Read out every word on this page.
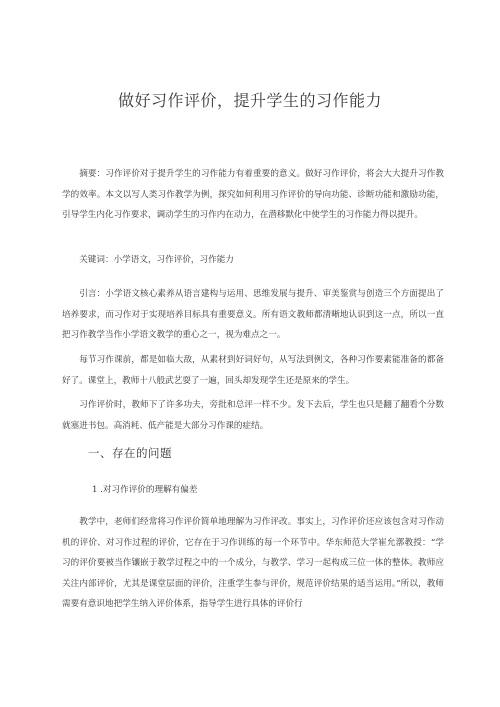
做好习作评价，提升学生的习作能力

摘要：习作评价对于提升学生的习作能力有着重要的意义。做好习作评价，将会大大提升习作教学的效率。本文以写人类习作教学为例，探究如何利用习作评价的导向功能、诊断功能和激励功能，引导学生内化习作要求，调动学生的习作内在动力，在潜移默化中使学生的习作能力得以提升。

关键词：小学语文，习作评价，习作能力

引言：小学语文核心素养从语言建构与运用、思维发展与提升、审美鉴赏与创造三个方面提出了培养要求，而习作对于实现培养目标具有重要意义。所有语文教师都清晰地认识到这一点，所以一直把习作教学当作小学语文教学的重心之一，视为难点之一。

每节习作课前，都是如临大敌，从素材到好词好句，从写法到例文，各种习作要素能准备的都备好了。课堂上，教师十八般武艺耍了一遍，回头却发现学生还是原来的学生。

习作评价时，教师下了许多功夫，旁批和总评一样不少。发下去后，学生也只是翻了翻看个分数就塞进书包。高消耗、低产能是大部分习作课的症结。

一、存在的问题
1 .对习作评价的理解有偏差

教学中，老师们经常将习作评价简单地理解为习作评改。事实上，习作评价还应该包含对习作动机的评价、对习作过程的评价，它存在于习作训练的每一个环节中。华东师范大学崔允漷教授：“学习的评价要被当作镶嵌于教学过程之中的一个成分，与教学、学习一起构成三位一体的整体。教师应关注内部评价，尤其是课堂层面的评价，注重学生参与评价，规范评价结果的适当运用。”所以，教师需要有意识地把学生纳入评价体系，指导学生进行具体的评价行
